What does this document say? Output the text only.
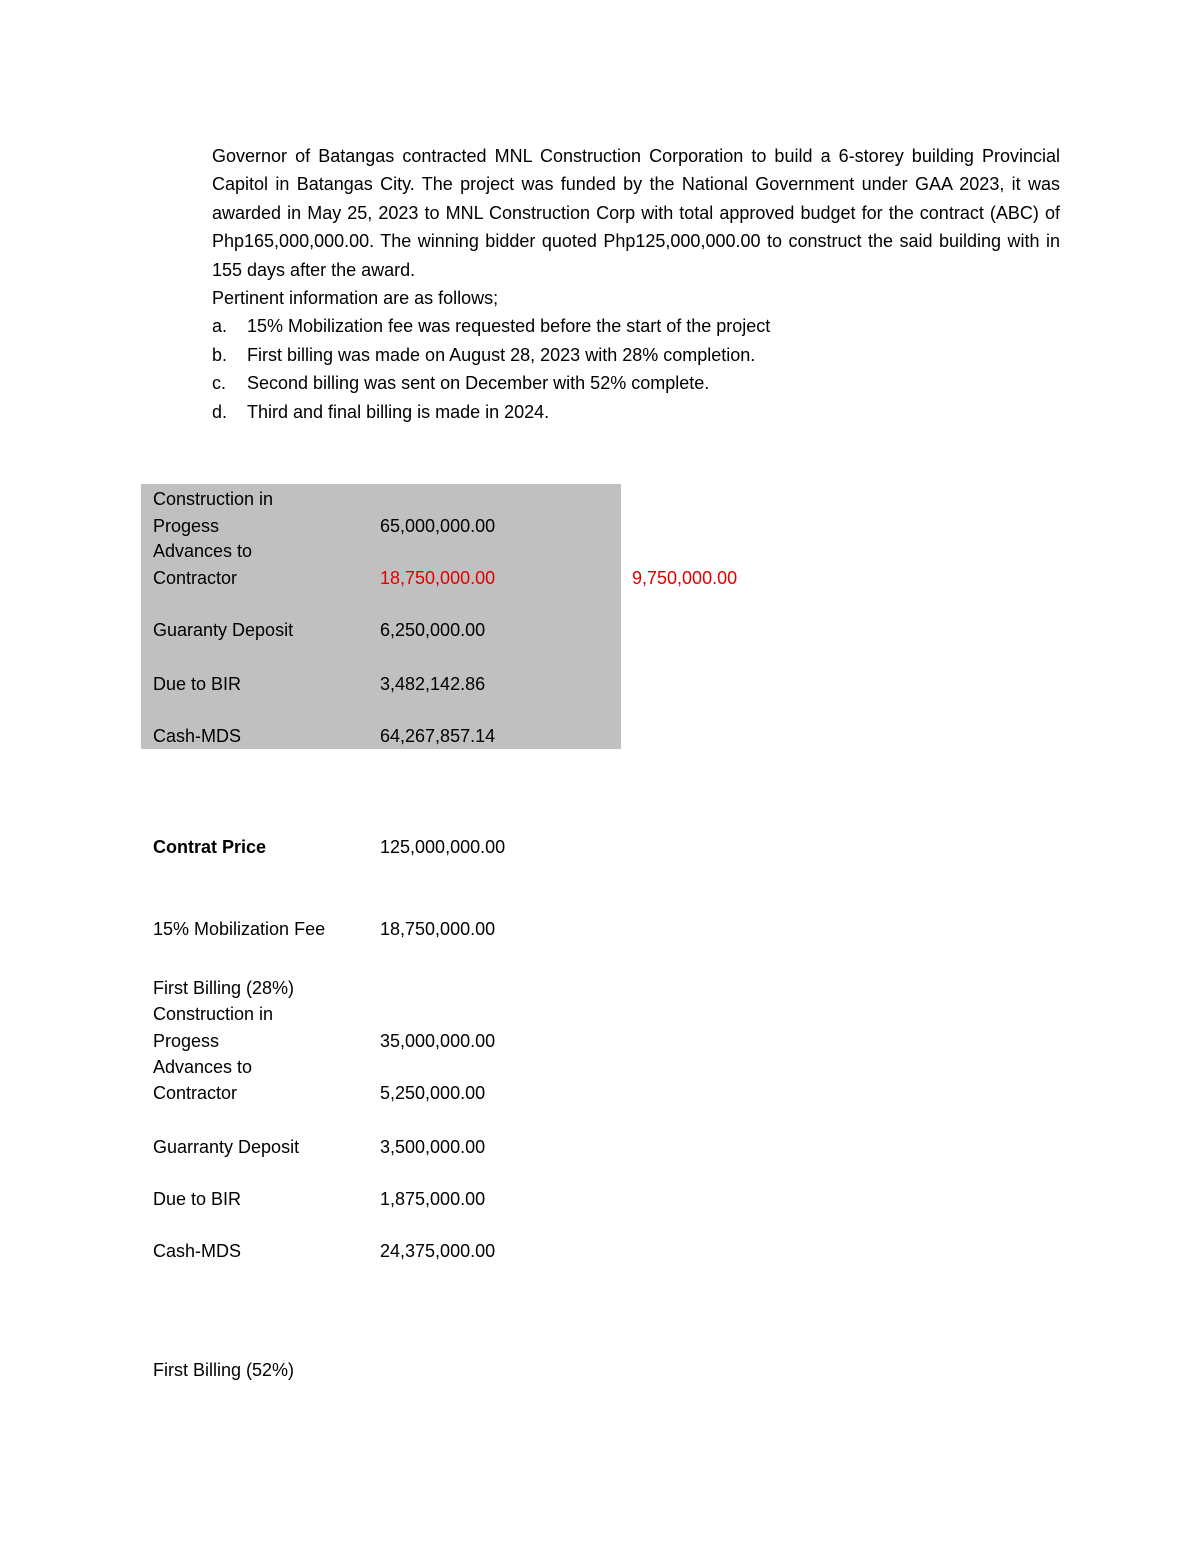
Governor of Batangas contracted MNL Construction Corporation to build a 6-storey building Provincial Capitol in Batangas City. The project was funded by the National Government under GAA 2023, it was awarded in May 25, 2023 to MNL Construction Corp with total approved budget for the contract (ABC) of Php165,000,000.00. The winning bidder quoted Php125,000,000.00 to construct the said building with in 155 days after the award.

Pertinent information are as follows;
a.	15% Mobilization fee was requested before the start of the project
b.	First billing was made on August 28, 2023 with 28% completion.
c.	Second billing was sent on December with 52% complete.
d.	Third and final billing is made in 2024.
Construction in
Progess	65,000,000.00
Advances to
Contractor	18,750,000.00	9,750,000.00
Guaranty Deposit	6,250,000.00
Due to BIR	3,482,142.86
Cash-MDS	64,267,857.14
Contrat Price	125,000,000.00
15% Mobilization Fee	18,750,000.00
First Billing (28%)
Construction in
Progess	35,000,000.00
Advances to
Contractor	5,250,000.00
Guarranty Deposit	3,500,000.00
Due to BIR	1,875,000.00
Cash-MDS	24,375,000.00
First Billing (52%)
